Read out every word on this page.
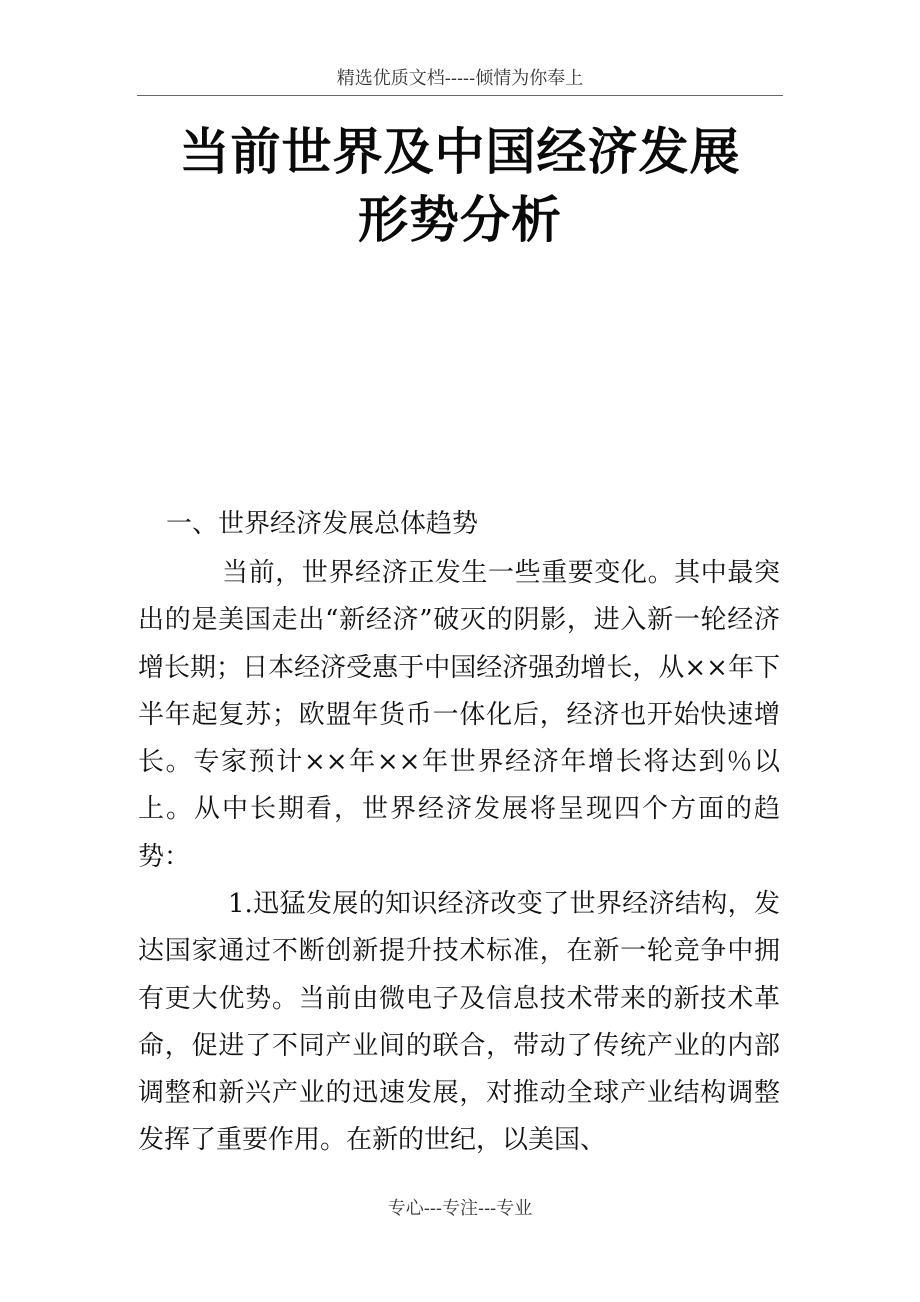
精选优质文档-----倾情为你奉上
当前世界及中国经济发展
形势分析
一、世界经济发展总体趋势

当前，世界经济正发生一些重要变化。其中最突出的是美国走出“新经济”破灭的阴影，进入新一轮经济增长期；日本经济受惠于中国经济强劲增长，从××年下半年起复苏；欧盟年货币一体化后，经济也开始快速增长。专家预计××年××年世界经济年增长将达到％以上。从中长期看，世界经济发展将呈现四个方面的趋势：

1.迅猛发展的知识经济改变了世界经济结构，发达国家通过不断创新提升技术标准，在新一轮竞争中拥有更大优势。当前由微电子及信息技术带来的新技术革命，促进了不同产业间的联合，带动了传统产业的内部调整和新兴产业的迅速发展，对推动全球产业结构调整发挥了重要作用。在新的世纪，以美国、

专心---专注---专业
